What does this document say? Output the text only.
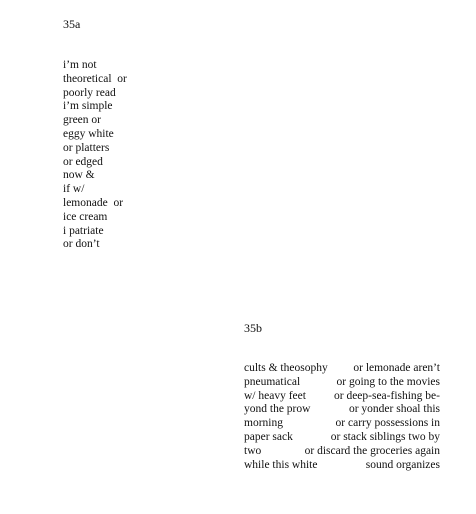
35a
i’m not
theoretical  or
poorly read
i’m simple
green or
eggy white
or platters
or edged
now &
if w/
lemonade  or
ice cream
i patriate
or don’t
35b
cults & theosophy or lemonade aren’t
pneumatical	or going to the movies
w/ heavy feet or deep-sea-fishing be-
yond the prow	or yonder shoal this
morning	or carry possessions in
paper sack	or stack siblings two by
two	or discard the groceries again
while this white	sound organizes
